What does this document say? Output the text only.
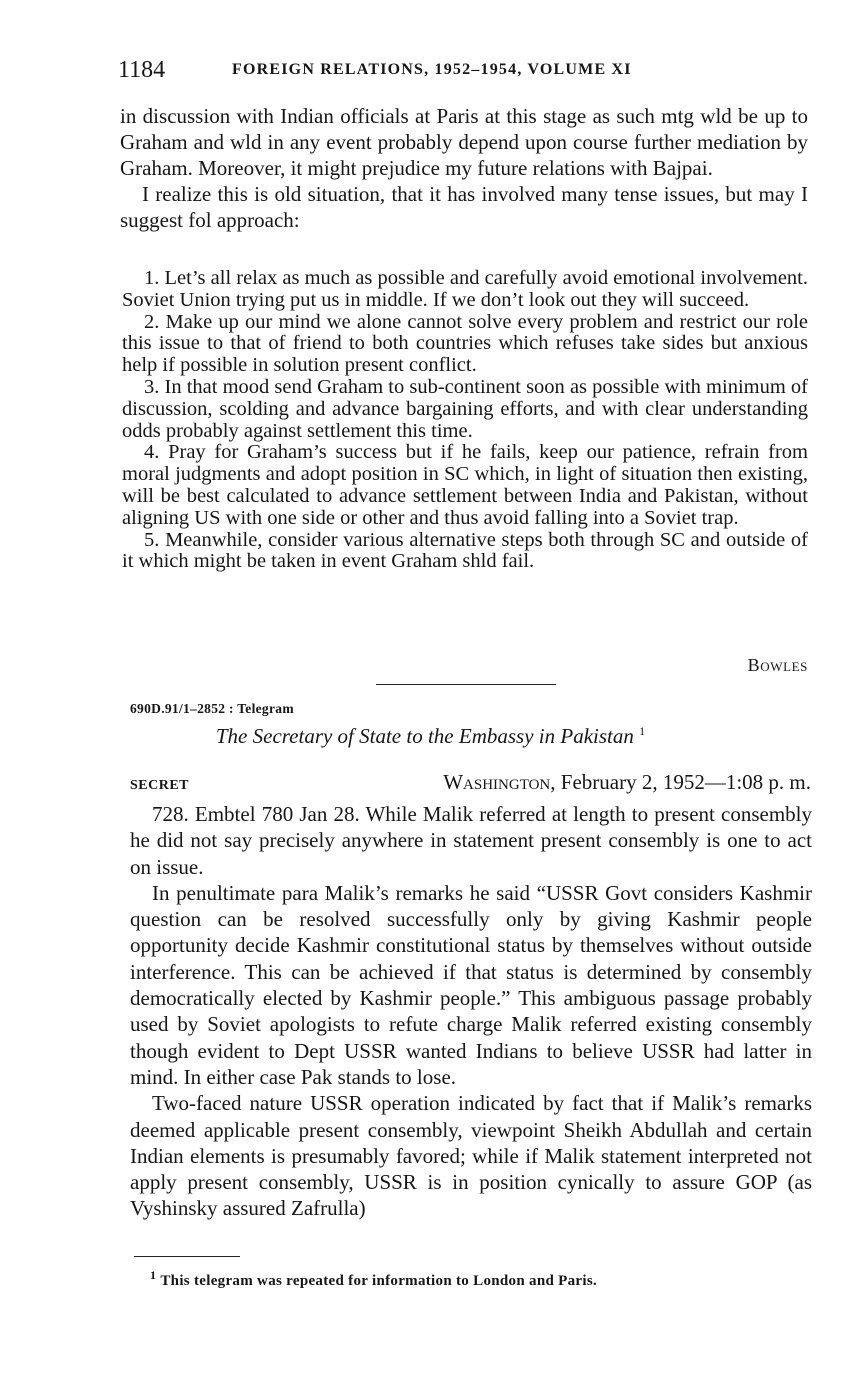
1184	FOREIGN RELATIONS, 1952–1954, VOLUME XI

in discussion with Indian officials at Paris at this stage as such mtg wld be up to Graham and wld in any event probably depend upon course further mediation by Graham. Moreover, it might prejudice my future relations with Bajpai.

I realize this is old situation, that it has involved many tense issues, but may I suggest fol approach:

1. Let’s all relax as much as possible and carefully avoid emotional involvement. Soviet Union trying put us in middle. If we don’t look out they will succeed.

2. Make up our mind we alone cannot solve every problem and restrict our role this issue to that of friend to both countries which refuses take sides but anxious help if possible in solution present conflict.

3. In that mood send Graham to sub-continent soon as possible with minimum of discussion, scolding and advance bargaining efforts, and with clear understanding odds probably against settlement this time.

4. Pray for Graham’s success but if he fails, keep our patience, refrain from moral judgments and adopt position in SC which, in light of situation then existing, will be best calculated to advance settlement between India and Pakistan, without aligning US with one side or other and thus avoid falling into a Soviet trap.

5. Meanwhile, consider various alternative steps both through SC and outside of it which might be taken in event Graham shld fail.

Bowles
690D.91/1–2852 : Telegram
The Secretary of State to the Embassy in Pakistan $^1$
SECRET	Washington, February 2, 1952—1:08 p. m.

728. Embtel 780 Jan 28. While Malik referred at length to present consembly he did not say precisely anywhere in statement present consembly is one to act on issue.

In penultimate para Malik’s remarks he said “USSR Govt considers Kashmir question can be resolved successfully only by giving Kashmir people opportunity decide Kashmir constitutional status by themselves without outside interference. This can be achieved if that status is determined by consembly democratically elected by Kashmir people.” This ambiguous passage probably used by Soviet apologists to refute charge Malik referred existing consembly though evident to Dept USSR wanted Indians to believe USSR had latter in mind. In either case Pak stands to lose.

Two-faced nature USSR operation indicated by fact that if Malik’s remarks deemed applicable present consembly, viewpoint Sheikh Abdullah and certain Indian elements is presumably favored; while if Malik statement interpreted not apply present consembly, USSR is in position cynically to assure GOP (as Vyshinsky assured Zafrulla)

$^1$ This telegram was repeated for information to London and Paris.
